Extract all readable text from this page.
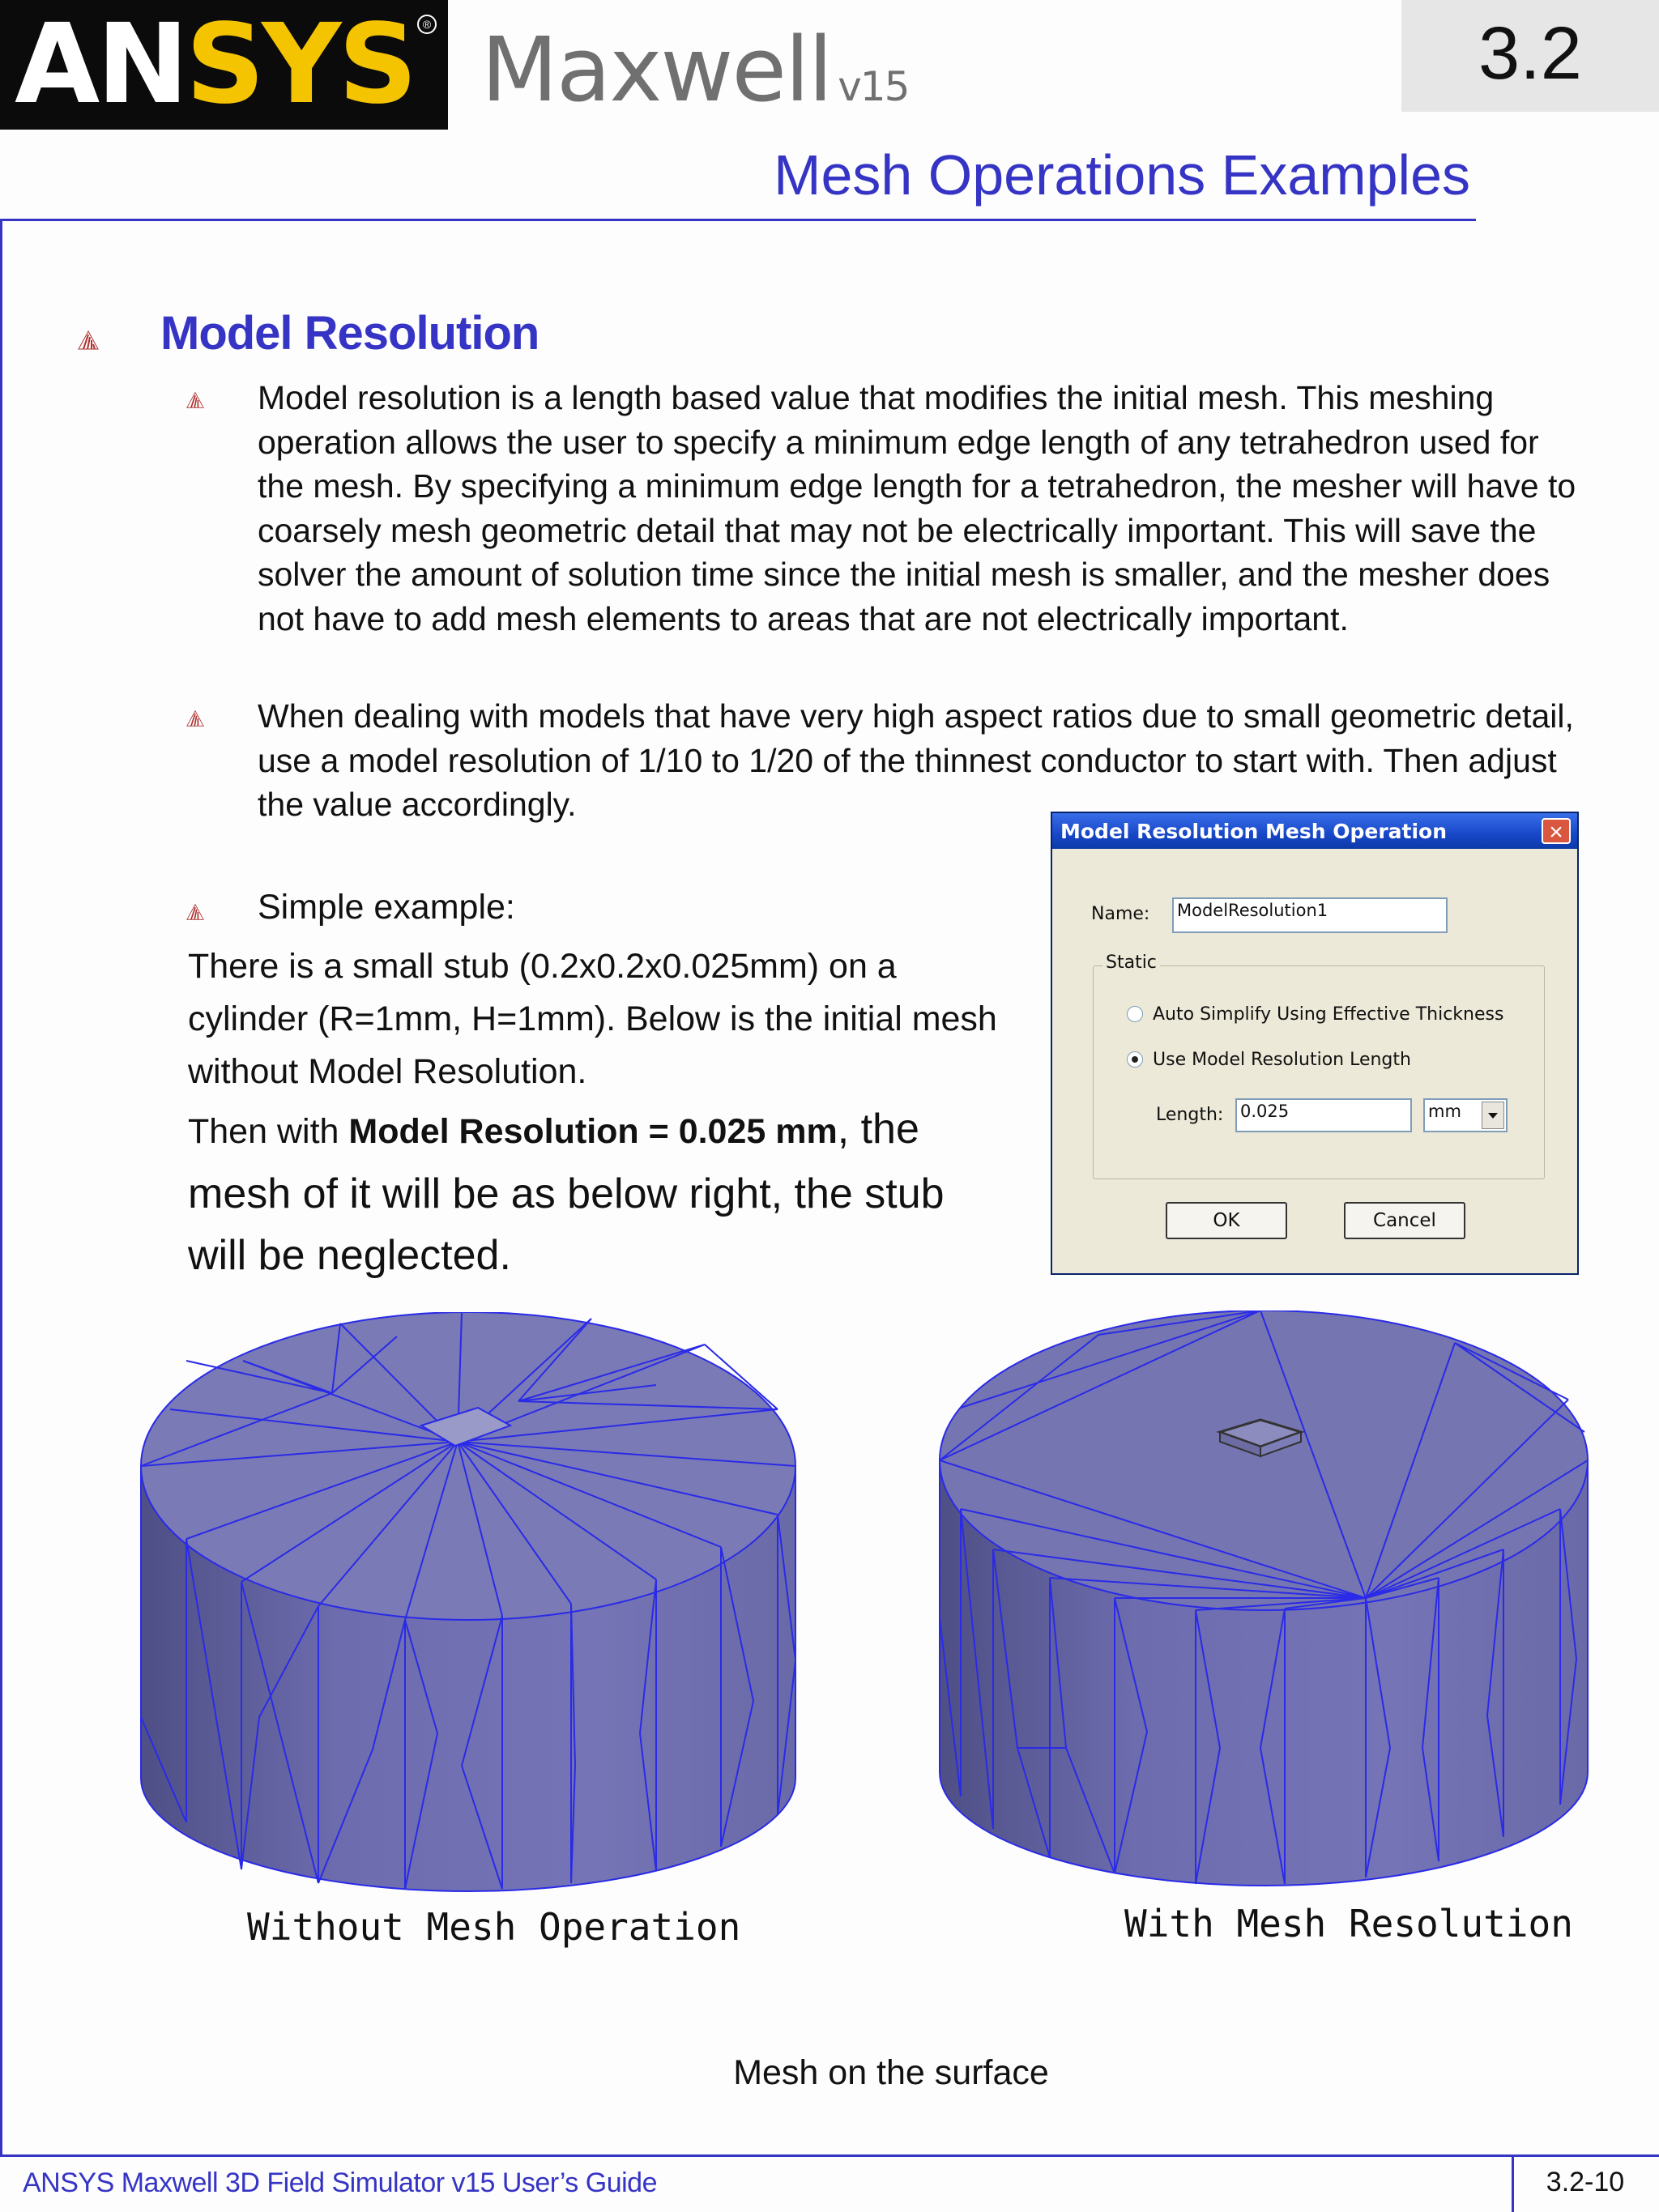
ANSYS ® Maxwell v15	3.2
Mesh Operations Examples
Model Resolution
Model resolution is a length based value that modifies the initial mesh. This meshing operation allows the user to specify a minimum edge length of any tetrahedron used for the mesh. By specifying a minimum edge length for a tetrahedron, the mesher will have to coarsely mesh geometric detail that may not be electrically important. This will save the solver the amount of solution time since the initial mesh is smaller, and the mesher does not have to add mesh elements to areas that are not electrically important.
When dealing with models that have very high aspect ratios due to small geometric detail, use a model resolution of 1/10 to 1/20 of the thinnest conductor to start with. Then adjust the value accordingly.
Simple example:
There is a small stub (0.2x0.2x0.025mm) on a cylinder (R=1mm, H=1mm). Below is the initial mesh without Model Resolution.
Then with Model Resolution = 0.025 mm, the
mesh of it will be as below right, the stub will be neglected.
Model Resolution Mesh Operation	×
Name: ModelResolution1
Static
Auto Simplify Using Effective Thickness
Use Model Resolution Length
Length: 0.025	mm
OK	Cancel
Without Mesh Operation	With Mesh Resolution
Mesh on the surface
ANSYS Maxwell 3D Field Simulator v15 User’s Guide	3.2-10
